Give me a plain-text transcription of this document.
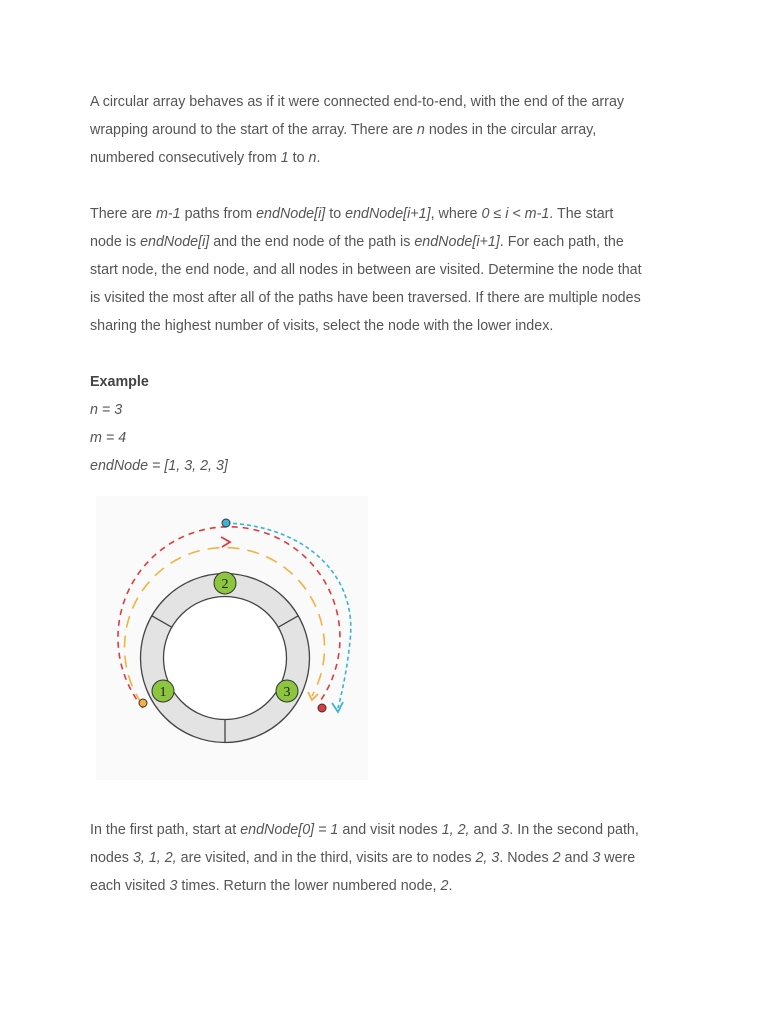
A circular array behaves as if it were connected end-to-end, with the end of the array
wrapping around to the start of the array. There are n nodes in the circular array,
numbered consecutively from 1 to n.

There are m-1 paths from endNode[i] to endNode[i+1], where 0 ≤ i < m-1. The start
node is endNode[i] and the end node of the path is endNode[i+1]. For each path, the
start node, the end node, and all nodes in between are visited. Determine the node that
is visited the most after all of the paths have been traversed. If there are multiple nodes
sharing the highest number of visits, select the node with the lower index.

Example
n = 3
m = 4
endNode = [1, 3, 2, 3]

2
1	3

In the first path, start at endNode[0] = 1 and visit nodes 1, 2, and 3. In the second path,
nodes 3, 1, 2, are visited, and in the third, visits are to nodes 2, 3. Nodes 2 and 3 were
each visited 3 times. Return the lower numbered node, 2.
